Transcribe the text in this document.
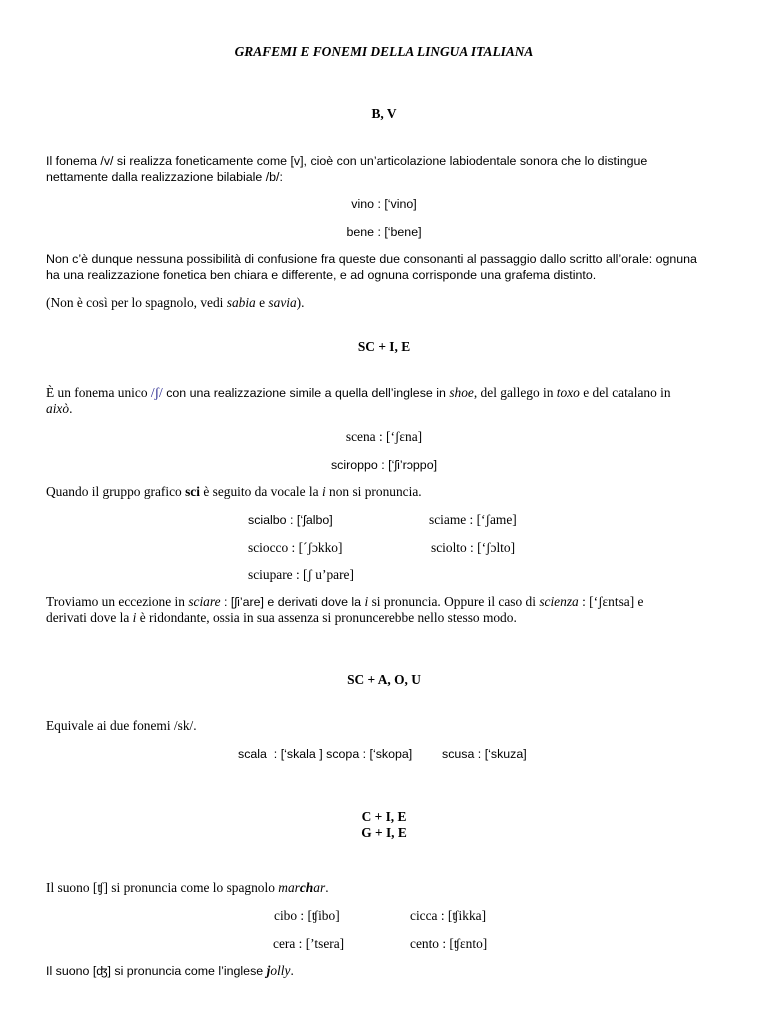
GRAFEMI E FONEMI DELLA LINGUA ITALIANA
B, V
Il fonema /v/ si realizza foneticamente come [v], cioè con un’articolazione labiodentale sonora che lo distingue
nettamente dalla realizzazione bilabiale /b/:
vino : [‘vino]
bene : [‘bene]
Non c’è dunque nessuna possibilità di confusione fra queste due consonanti al passaggio dallo scritto all’orale: ognuna
ha una realizzazione fonetica ben chiara e differente, e ad ognuna corrisponde una grafema distinto.
(Non è così per lo spagnolo, vedi sabia e savia).
SC + I, E
È un fonema unico /ʃ/ con una realizzazione simile a quella dell’inglese in shoe, del gallego in toxo e del catalano in
això.
scena : [‘ʃɛna]
sciroppo : [‘ʃi’rɔppo]
Quando il gruppo grafico sci è seguito da vocale la i non si pronuncia.
scialbo : [‘ʃalbo]	sciame : [‘ʃame]
sciocco : [´ʃɔkko]	sciolto : [‘ʃɔlto]
sciupare : [ʃ u’pare]
Troviamo un eccezione in sciare : [ʃi’are] e derivati dove la i si pronuncia. Oppure il caso di scienza : [‘ʃɛntsa] e
derivati dove la i è ridondante, ossia in sua assenza si pronuncerebbe nello stesso modo.
SC + A, O, U
Equivale ai due fonemi /sk/.
scala  : [‘skala ] scopa : [‘skopa] scusa : [‘skuza]
C + I, E
G + I, E
Il suono [ʧ] si pronuncia come lo spagnolo marchar.
cibo : [ʧibo]	cicca : [ʧikka]
cera : [’tsera]	cento : [ʧɛnto]
Il suono [ʤ] si pronuncia come l’inglese jolly.
